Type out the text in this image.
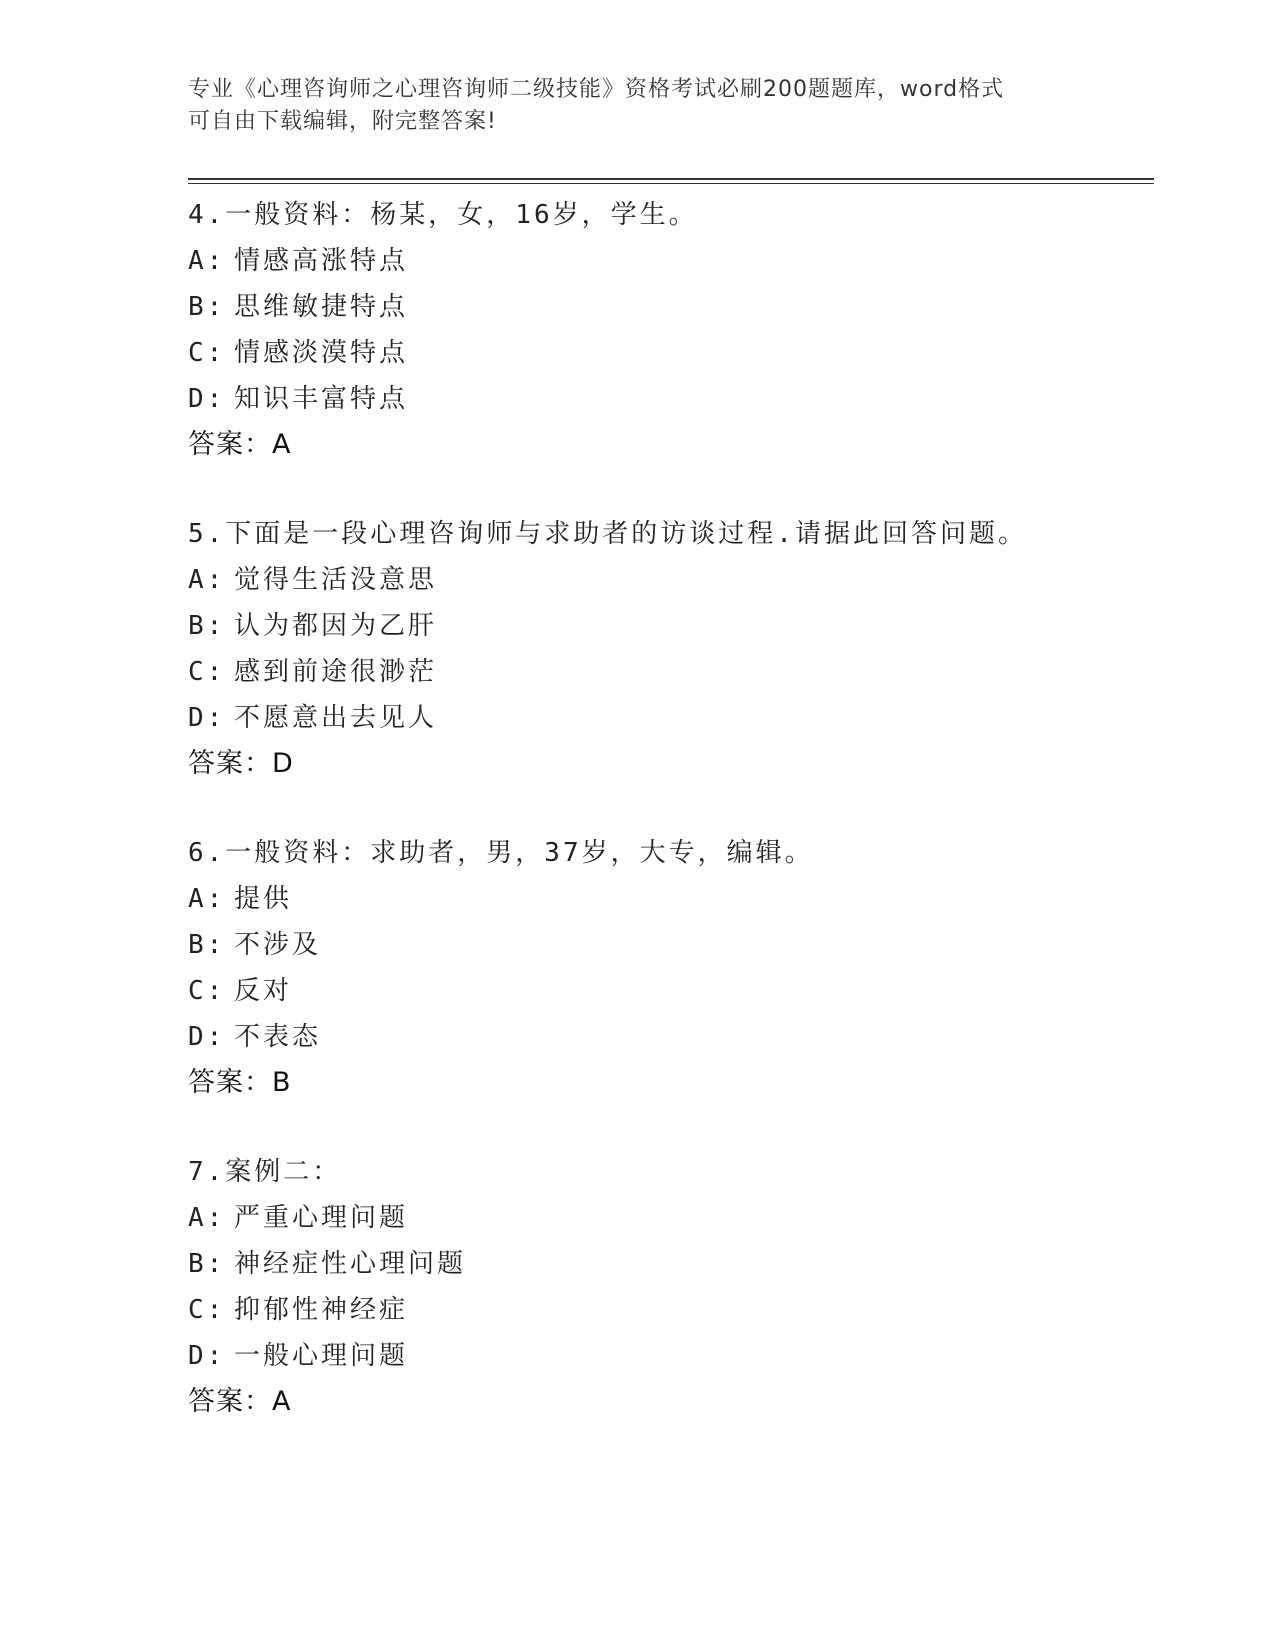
专业《心理咨询师之心理咨询师二级技能》资格考试必刷200题题库，word格式
可自由下载编辑，附完整答案!
4.一般资料：杨某，女，16岁，学生。
A: 情感高涨特点
B: 思维敏捷特点
C: 情感淡漠特点
D: 知识丰富特点
答案：A
5.下面是一段心理咨询师与求助者的访谈过程.请据此回答问题。
A: 觉得生活没意思
B: 认为都因为乙肝
C: 感到前途很渺茫
D: 不愿意出去见人
答案：D
6.一般资料：求助者，男，37岁，大专，编辑。
A: 提供
B: 不涉及
C: 反对
D: 不表态
答案：B
7.案例二：
A: 严重心理问题
B: 神经症性心理问题
C: 抑郁性神经症
D: 一般心理问题
答案：A
